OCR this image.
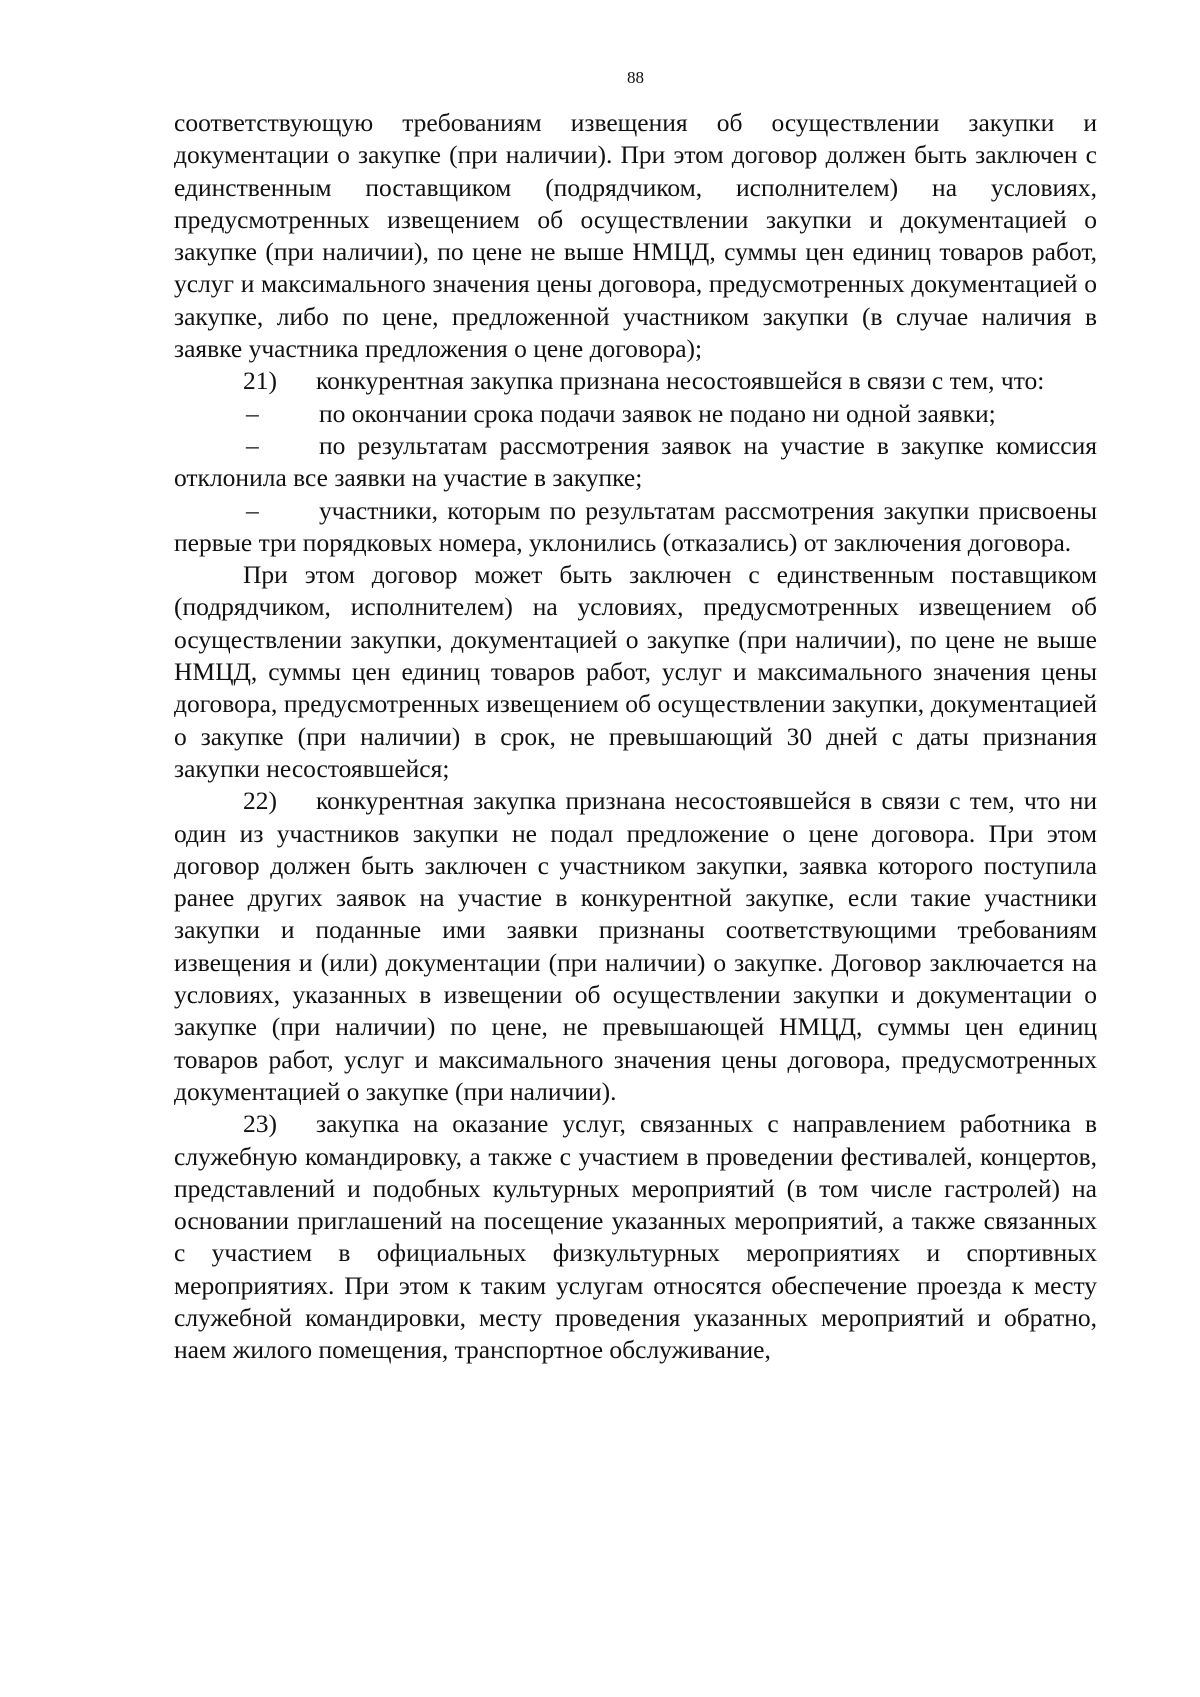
88

соответствующую требованиям извещения об осуществлении закупки и документации о закупке (при наличии). При этом договор должен быть заключен с единственным поставщиком (подрядчиком, исполнителем) на условиях, предусмотренных извещением об осуществлении закупки и документацией о закупке (при наличии), по цене не выше НМЦД, суммы цен единиц товаров работ, услуг и максимального значения цены договора, предусмотренных документацией о закупке, либо по цене, предложенной участником закупки (в случае наличия в заявке участника предложения о цене договора);

21) конкурентная закупка признана несостоявшейся в связи с тем, что:

– по окончании срока подачи заявок не подано ни одной заявки;

– по результатам рассмотрения заявок на участие в закупке комиссия отклонила все заявки на участие в закупке;

– участники, которым по результатам рассмотрения закупки присвоены первые три порядковых номера, уклонились (отказались) от заключения договора.

При этом договор может быть заключен с единственным поставщиком (подрядчиком, исполнителем) на условиях, предусмотренных извещением об осуществлении закупки, документацией о закупке (при наличии), по цене не выше НМЦД, суммы цен единиц товаров работ, услуг и максимального значения цены договора, предусмотренных извещением об осуществлении закупки, документацией о закупке (при наличии) в срок, не превышающий 30 дней с даты признания закупки несостоявшейся;

22) конкурентная закупка признана несостоявшейся в связи с тем, что ни один из участников закупки не подал предложение о цене договора. При этом договор должен быть заключен с участником закупки, заявка которого поступила ранее других заявок на участие в конкурентной закупке, если такие участники закупки и поданные ими заявки признаны соответствующими требованиям извещения и (или) документации (при наличии) о закупке. Договор заключается на условиях, указанных в извещении об осуществлении закупки и документации о закупке (при наличии) по цене, не превышающей НМЦД, суммы цен единиц товаров работ, услуг и максимального значения цены договора, предусмотренных документацией о закупке (при наличии).

23) закупка на оказание услуг, связанных с направлением работника в служебную командировку, а также с участием в проведении фестивалей, концертов, представлений и подобных культурных мероприятий (в том числе гастролей) на основании приглашений на посещение указанных мероприятий, а также связанных с участием в официальных физкультурных мероприятиях и спортивных мероприятиях. При этом к таким услугам относятся обеспечение проезда к месту служебной командировки, месту проведения указанных мероприятий и обратно, наем жилого помещения, транспортное обслуживание,
